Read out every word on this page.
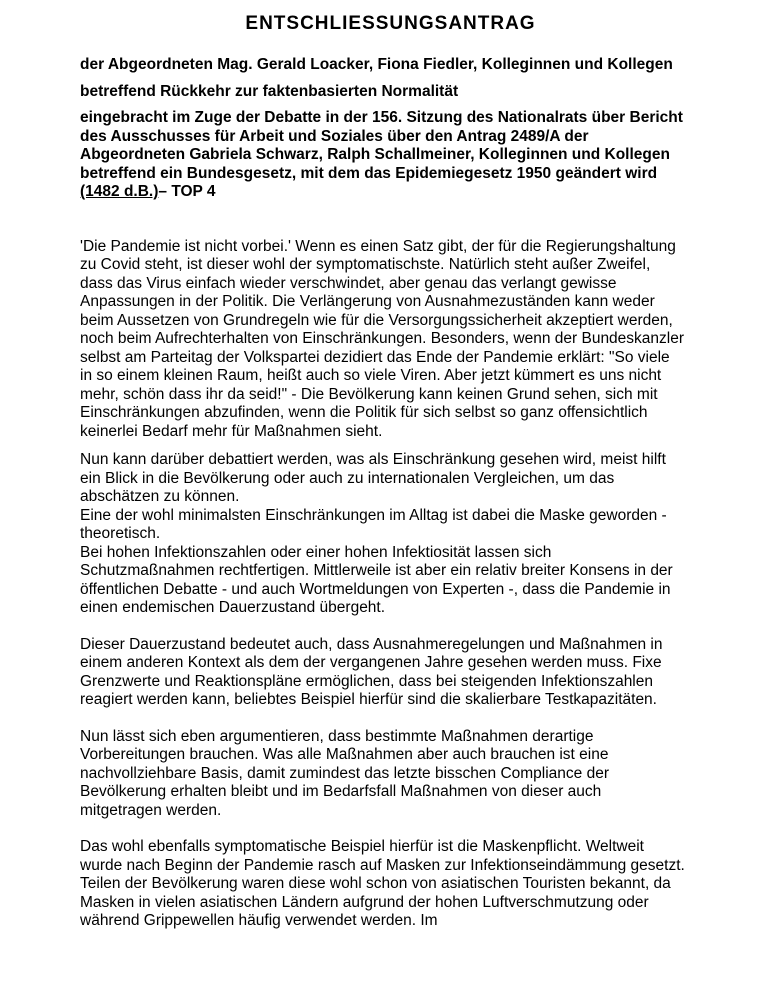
ENTSCHLIESSUNGSANTRAG

der Abgeordneten Mag. Gerald Loacker, Fiona Fiedler, Kolleginnen und Kollegen

betreffend Rückkehr zur faktenbasierten Normalität

eingebracht im Zuge der Debatte in der 156. Sitzung des Nationalrats über Bericht des Ausschusses für Arbeit und Soziales über den Antrag 2489/A der Abgeordneten Gabriela Schwarz, Ralph Schallmeiner, Kolleginnen und Kollegen betreffend ein Bundesgesetz, mit dem das Epidemiegesetz 1950 geändert wird (1482 d.B.)– TOP 4

'Die Pandemie ist nicht vorbei.' Wenn es einen Satz gibt, der für die Regierungshaltung zu Covid steht, ist dieser wohl der symptomatischste. Natürlich steht außer Zweifel, dass das Virus einfach wieder verschwindet, aber genau das verlangt gewisse Anpassungen in der Politik. Die Verlängerung von Ausnahmezuständen kann weder beim Aussetzen von Grundregeln wie für die Versorgungssicherheit akzeptiert werden, noch beim Aufrechterhalten von Einschränkungen. Besonders, wenn der Bundeskanzler selbst am Parteitag der Volkspartei dezidiert das Ende der Pandemie erklärt: "So viele in so einem kleinen Raum, heißt auch so viele Viren. Aber jetzt kümmert es uns nicht mehr, schön dass ihr da seid!" - Die Bevölkerung kann keinen Grund sehen, sich mit Einschränkungen abzufinden, wenn die Politik für sich selbst so ganz offensichtlich keinerlei Bedarf mehr für Maßnahmen sieht.

Nun kann darüber debattiert werden, was als Einschränkung gesehen wird, meist hilft ein Blick in die Bevölkerung oder auch zu internationalen Vergleichen, um das abschätzen zu können.

Eine der wohl minimalsten Einschränkungen im Alltag ist dabei die Maske geworden - theoretisch.

Bei hohen Infektionszahlen oder einer hohen Infektiosität lassen sich Schutzmaßnahmen rechtfertigen. Mittlerweile ist aber ein relativ breiter Konsens in der öffentlichen Debatte - und auch Wortmeldungen von Experten -, dass die Pandemie in einen endemischen Dauerzustand übergeht.

Dieser Dauerzustand bedeutet auch, dass Ausnahmeregelungen und Maßnahmen in einem anderen Kontext als dem der vergangenen Jahre gesehen werden muss. Fixe Grenzwerte und Reaktionspläne ermöglichen, dass bei steigenden Infektionszahlen reagiert werden kann, beliebtes Beispiel hierfür sind die skalierbare Testkapazitäten.

Nun lässt sich eben argumentieren, dass bestimmte Maßnahmen derartige Vorbereitungen brauchen. Was alle Maßnahmen aber auch brauchen ist eine nachvollziehbare Basis, damit zumindest das letzte bisschen Compliance der Bevölkerung erhalten bleibt und im Bedarfsfall Maßnahmen von dieser auch mitgetragen werden.

Das wohl ebenfalls symptomatische Beispiel hierfür ist die Maskenpflicht. Weltweit wurde nach Beginn der Pandemie rasch auf Masken zur Infektionseindämmung gesetzt. Teilen der Bevölkerung waren diese wohl schon von asiatischen Touristen bekannt, da Masken in vielen asiatischen Ländern aufgrund der hohen Luftverschmutzung oder während Grippewellen häufig verwendet werden. Im
